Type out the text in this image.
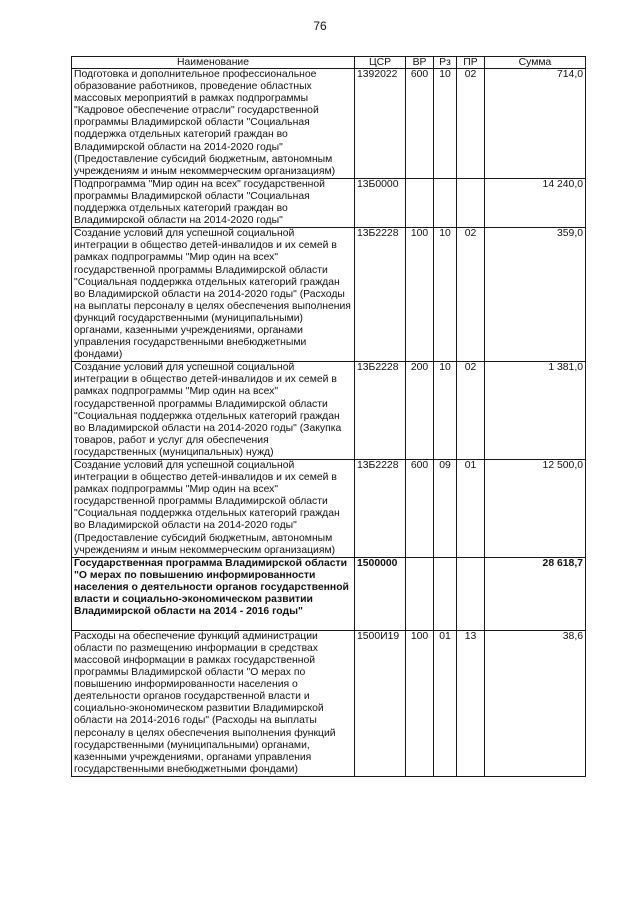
76
Наименование	ЦСР	ВР	Рз	ПР	Сумма
Подготовка и дополнительное профессиональное образование работников, проведение областных массовых мероприятий в рамках подпрограммы "Кадровое обеспечение отрасли" государственной программы Владимирской области "Социальная поддержка отдельных категорий граждан во Владимирской области на 2014-2020 годы" (Предоставление субсидий бюджетным, автономным учреждениям и иным некоммерческим организациям)	1392022	600	10	02	714,0
Подпрограмма "Мир один на всех" государственной программы Владимирской области "Социальная поддержка отдельных категорий граждан во Владимирской области на 2014-2020 годы"	13Б0000				14 240,0
Создание условий для успешной социальной интеграции в общество детей-инвалидов и их семей в рамках подпрограммы "Мир один на всех" государственной программы Владимирской области "Социальная поддержка отдельных категорий граждан во Владимирской области на 2014-2020 годы" (Расходы на выплаты персоналу в целях обеспечения выполнения функций государственными (муниципальными) органами, казенными учреждениями, органами управления государственными внебюджетными фондами)	13Б2228	100	10	02	359,0
Создание условий для успешной социальной интеграции в общество детей-инвалидов и их семей в рамках подпрограммы "Мир один на всех" государственной программы Владимирской области "Социальная поддержка отдельных категорий граждан во Владимирской области на 2014-2020 годы" (Закупка товаров, работ и услуг для обеспечения государственных (муниципальных) нужд)	13Б2228	200	10	02	1 381,0
Создание условий для успешной социальной интеграции в общество детей-инвалидов и их семей в рамках подпрограммы "Мир один на всех" государственной программы Владимирской области "Социальная поддержка отдельных категорий граждан во Владимирской области на 2014-2020 годы" (Предоставление субсидий бюджетным, автономным учреждениям и иным некоммерческим организациям)	13Б2228	600	09	01	12 500,0
Государственная программа Владимирской области "О мерах по повышению информированности населения о деятельности органов государственной власти и социально-экономическом развитии Владимирской области на 2014 - 2016 годы"	1500000				28 618,7
Расходы на обеспечение функций администрации области по размещению информации в средствах массовой информации в рамках государственной программы Владимирской области "О мерах по повышению информированности населения о деятельности органов государственной власти и социально-экономическом развитии Владимирской области на 2014-2016 годы" (Расходы на выплаты персоналу в целях обеспечения выполнения функций государственными (муниципальными) органами, казенными учреждениями, органами управления государственными внебюджетными фондами)	1500И19	100	01	13	38,6
